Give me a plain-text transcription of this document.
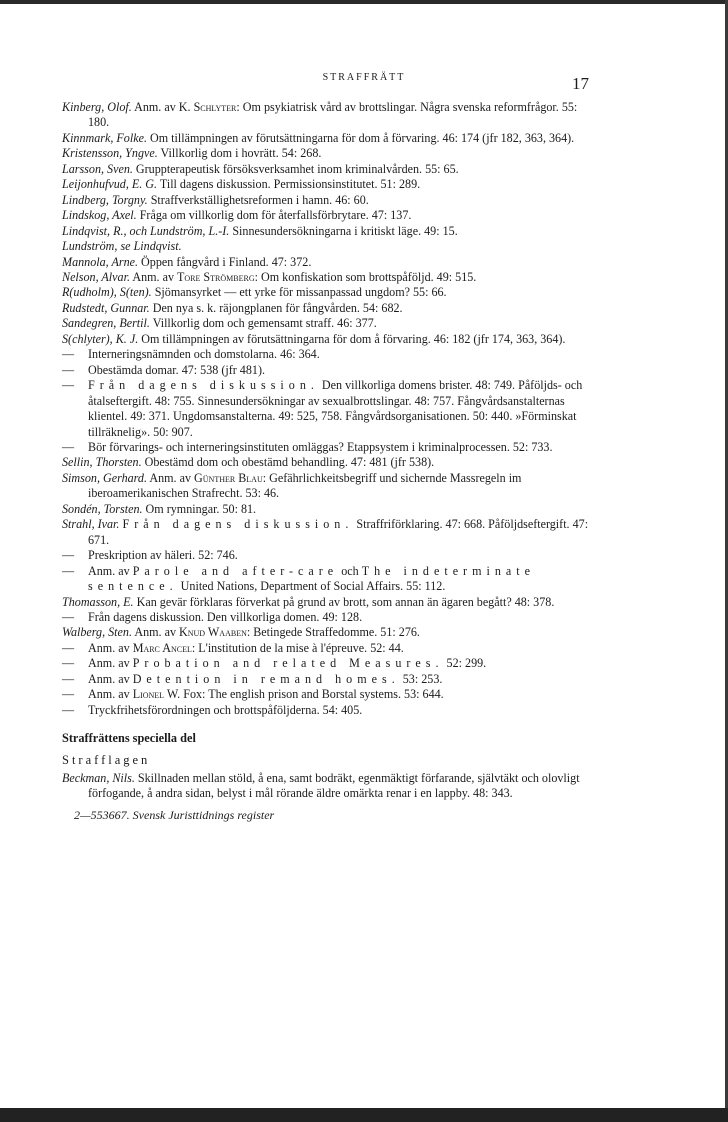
STRAFFRÄTT	17

Kinberg, Olof. Anm. av K. Schlyter: Om psykiatrisk vård av brottslingar. Några svenska reformfrågor. 55: 180.

Kinnmark, Folke. Om tillämpningen av förutsättningarna för dom å förvaring. 46: 174 (jfr 182, 363, 364).

Kristensson, Yngve. Villkorlig dom i hovrätt. 54: 268.

Larsson, Sven. Gruppterapeutisk försöksverksamhet inom kriminalvården. 55: 65.

Leijonhufvud, E. G. Till dagens diskussion. Permissionsinstitutet. 51: 289.

Lindberg, Torgny. Straffverkställighetsreformen i hamn. 46: 60.

Lindskog, Axel. Fråga om villkorlig dom för återfallsförbrytare. 47: 137.

Lindqvist, R., och Lundström, L.-I. Sinnesundersökningarna i kritiskt läge. 49: 15.

Lundström, se Lindqvist.

Mannola, Arne. Öppen fångvård i Finland. 47: 372.

Nelson, Alvar. Anm. av Tore Strömberg: Om konfiskation som brottspåföljd. 49: 515.

R(udholm), S(ten). Sjömansyrket — ett yrke för missanpassad ungdom? 55: 66.

Rudstedt, Gunnar. Den nya s. k. räjongplanen för fångvården. 54: 682.

Sandegren, Bertil. Villkorlig dom och gemensamt straff. 46: 377.

S(chlyter), K. J. Om tillämpningen av förutsättningarna för dom å förvaring. 46: 182 (jfr 174, 363, 364).

— Interneringsnämnden och domstolarna. 46: 364.

— Obestämda domar. 47: 538 (jfr 481).

— Från dagens diskussion. Den villkorliga domens brister. 48: 749. Påföljds- och åtalseftergift. 48: 755. Sinnesundersökningar av sexualbrottslingar. 48: 757. Fångvårdsanstalternas klientel. 49: 371. Ungdomsanstalterna. 49: 525, 758. Fångvårdsorganisationen. 50: 440. »Förminskat tillräknelig». 50: 907.

— Bör förvarings- och interneringsinstituten omläggas? Etappsystem i kriminalprocessen. 52: 733.

Sellin, Thorsten. Obestämd dom och obestämd behandling. 47: 481 (jfr 538).

Simson, Gerhard. Anm. av Günther Blau: Gefährlichkeitsbegriff und sichernde Massregeln im iberoamerikanischen Strafrecht. 53: 46.

Sondén, Torsten. Om rymningar. 50: 81.

Strahl, Ivar. Från dagens diskussion. Straffriförklaring. 47: 668. Påföljdseftergift. 47: 671.

— Preskription av häleri. 52: 746.

— Anm. av Parole and after-care och The indeterminate sentence. United Nations, Department of Social Affairs. 55: 112.

Thomasson, E. Kan gevär förklaras förverkat på grund av brott, som annan än ägaren begått? 48: 378.

— Från dagens diskussion. Den villkorliga domen. 49: 128.

Walberg, Sten. Anm. av Knud Waaben: Betingede Straffedomme. 51: 276.

— Anm. av Marc Ancel: L'institution de la mise à l'épreuve. 52: 44.

— Anm. av Probation and related Measures. 52: 299.

— Anm. av Detention in remand homes. 53: 253.

— Anm. av Lionel W. Fox: The english prison and Borstal systems. 53: 644.

— Tryckfrihetsförordningen och brottspåföljderna. 54: 405.

Straffrättens speciella del
Strafflagen

Beckman, Nils. Skillnaden mellan stöld, å ena, samt bodräkt, egenmäktigt förfarande, självtäkt och olovligt förfogande, å andra sidan, belyst i mål rörande äldre omärkta renar i en lappby. 48: 343.

2—553667. Svensk Juristtidnings register
